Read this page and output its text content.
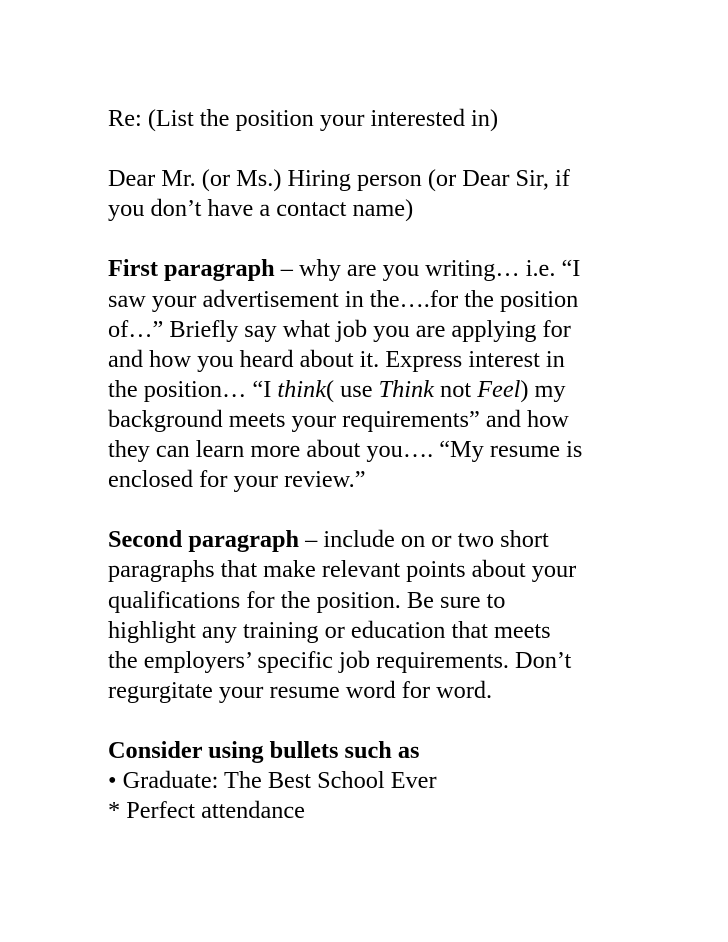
Re: (List the position your interested in)
Dear Mr. (or Ms.) Hiring person (or Dear Sir, if
you don’t have a contact name)
First paragraph – why are you writing… i.e. “I
saw your advertisement in the….for the position
of…” Briefly say what job you are applying for
and how you heard about it. Express interest in
the position… “I think( use Think not Feel) my
background meets your requirements” and how
they can learn more about you…. “My resume is
enclosed for your review.”
Second paragraph – include on or two short
paragraphs that make relevant points about your
qualifications for the position. Be sure to
highlight any training or education that meets
the employers’ specific job requirements. Don’t
regurgitate your resume word for word.
Consider using bullets such as
• Graduate: The Best School Ever
* Perfect attendance
